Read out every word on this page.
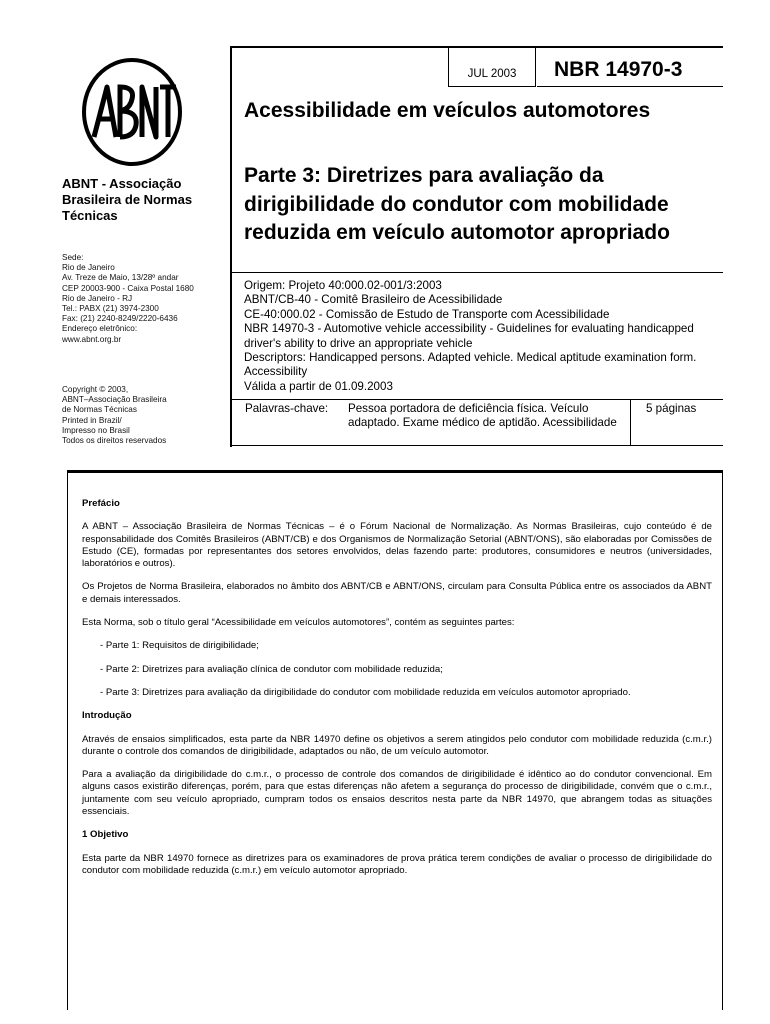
ABNT - Associação Brasileira de Normas Técnicas
Sede:
Rio de Janeiro
Av. Treze de Maio, 13/28º andar
CEP 20003-900 - Caixa Postal 1680
Rio de Janeiro - RJ
Tel.: PABX (21) 3974-2300
Fax: (21) 2240-8249/2220-6436
Endereço eletrônico:
www.abnt.org.br
Copyright © 2003,
ABNT–Associação Brasileira
de Normas Técnicas
Printed in Brazil/
Impresso no Brasil
Todos os direitos reservados
JUL 2003 NBR 14970-3
Acessibilidade em veículos automotores
Parte 3: Diretrizes para avaliação da dirigibilidade do condutor com mobilidade reduzida em veículo automotor apropriado
Origem: Projeto 40:000.02-001/3:2003
ABNT/CB-40 - Comitê Brasileiro de Acessibilidade
CE-40:000.02 - Comissão de Estudo de Transporte com Acessibilidade
NBR 14970-3 - Automotive vehicle accessibility - Guidelines for evaluating handicapped driver's ability to drive an appropriate vehicle
Descriptors: Handicapped persons. Adapted vehicle. Medical aptitude examination form. Accessibility
Válida a partir de 01.09.2003
Palavras-chave: Pessoa portadora de deficiência física. Veículo adaptado. Exame médico de aptidão. Acessibilidade
5 páginas
Prefácio

A ABNT – Associação Brasileira de Normas Técnicas – é o Fórum Nacional de Normalização. As Normas Brasileiras, cujo conteúdo é de responsabilidade dos Comitês Brasileiros (ABNT/CB) e dos Organismos de Normalização Setorial (ABNT/ONS), são elaboradas por Comissões de Estudo (CE), formadas por representantes dos setores envolvidos, delas fazendo parte: produtores, consumidores e neutros (universidades, laboratórios e outros).

Os Projetos de Norma Brasileira, elaborados no âmbito dos ABNT/CB e ABNT/ONS, circulam para Consulta Pública entre os associados da ABNT e demais interessados.

Esta Norma, sob o título geral “Acessibilidade em veículos automotores”, contém as seguintes partes:

- Parte 1: Requisitos de dirigibilidade;

- Parte 2: Diretrizes para avaliação clínica de condutor com mobilidade reduzida;

- Parte 3: Diretrizes para avaliação da dirigibilidade do condutor com mobilidade reduzida em veículos automotor apropriado.

Introdução

Através de ensaios simplificados, esta parte da NBR 14970 define os objetivos a serem atingidos pelo condutor com mobilidade reduzida (c.m.r.) durante o controle dos comandos de dirigibilidade, adaptados ou não, de um veículo automotor.

Para a avaliação da dirigibilidade do c.m.r., o processo de controle dos comandos de dirigibilidade é idêntico ao do condutor convencional. Em alguns casos existirão diferenças, porém, para que estas diferenças não afetem a segurança do processo de dirigibilidade, convém que o c.m.r., juntamente com seu veículo apropriado, cumpram todos os ensaios descritos nesta parte da NBR 14970, que abrangem todas as situações essenciais.

1 Objetivo

Esta parte da NBR 14970 fornece as diretrizes para os examinadores de prova prática terem condições de avaliar o processo de dirigibilidade do condutor com mobilidade reduzida (c.m.r.) em veículo automotor apropriado.
